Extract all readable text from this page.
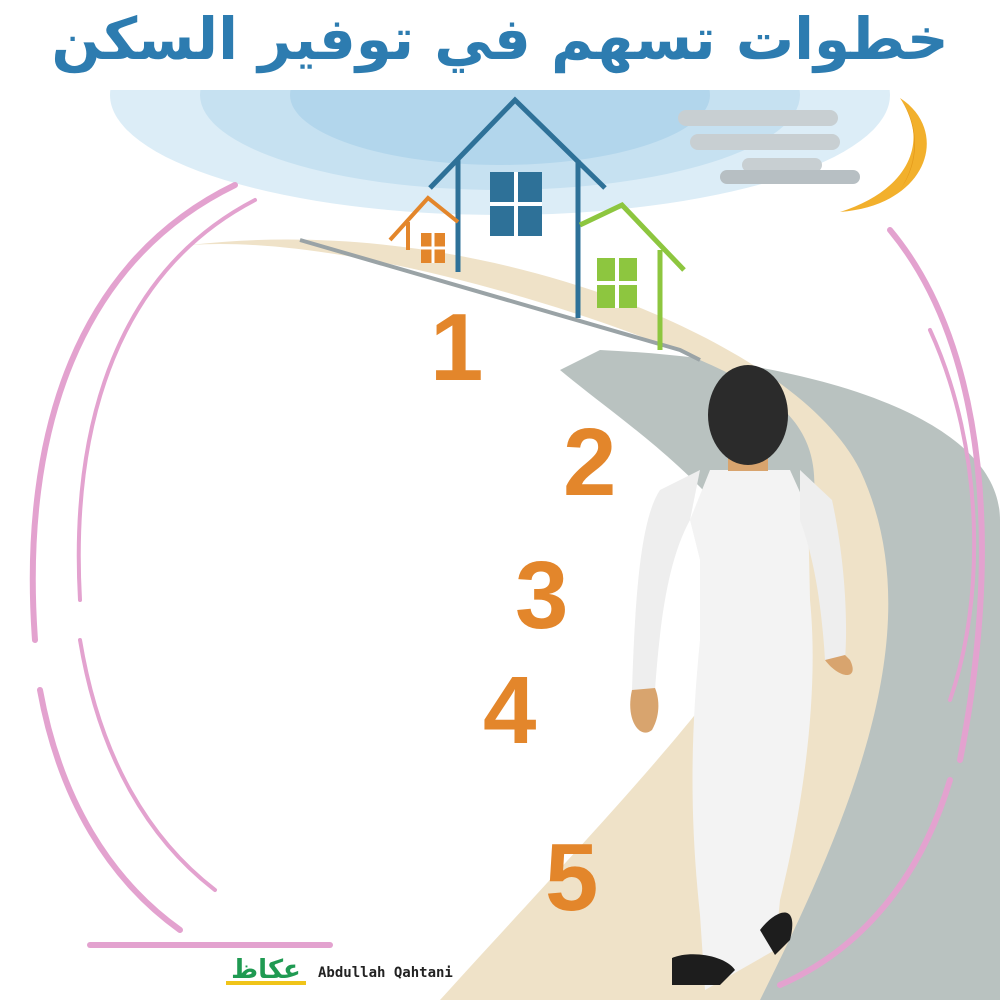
خطوات تسهم في توفير السكن
1
2
3
4
5
عكاظ	Abdullah Qahtani
